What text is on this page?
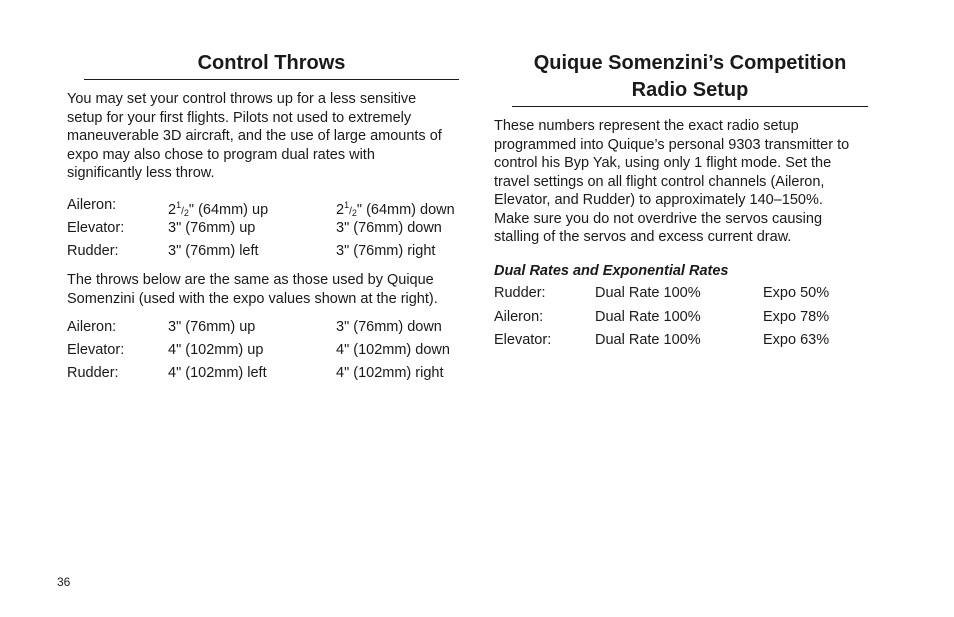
Control Throws

You may set your control throws up for a less sensitive setup for your first flights. Pilots not used to extremely maneuverable 3D aircraft, and the use of large amounts of expo may also chose to program dual rates with significantly less throw.

Aileron:	$2^1/_2$" (64mm) up	$2^1/_2$" (64mm) down
Elevator:	3" (76mm) up	3" (76mm) down
Rudder:	3" (76mm) left	3" (76mm) right

The throws below are the same as those used by Quique Somenzini (used with the expo values shown at the right).

Aileron:	3" (76mm) up	3" (76mm) down
Elevator:	4" (102mm) up	4" (102mm) down
Rudder:	4" (102mm) left	4" (102mm) right
Quique Somenzini’s Competition
Radio Setup

These numbers represent the exact radio setup programmed into Quique’s personal 9303 transmitter to control his Byp Yak, using only 1 flight mode. Set the travel settings on all flight control channels (Aileron, Elevator, and Rudder) to approximately 140–150%. Make sure you do not overdrive the servos causing stalling of the servos and excess current draw.

Dual Rates and Exponential Rates

Rudder:	Dual Rate 100%	Expo 50%
Aileron:	Dual Rate 100%	Expo 78%
Elevator:	Dual Rate 100%	Expo 63%
36
